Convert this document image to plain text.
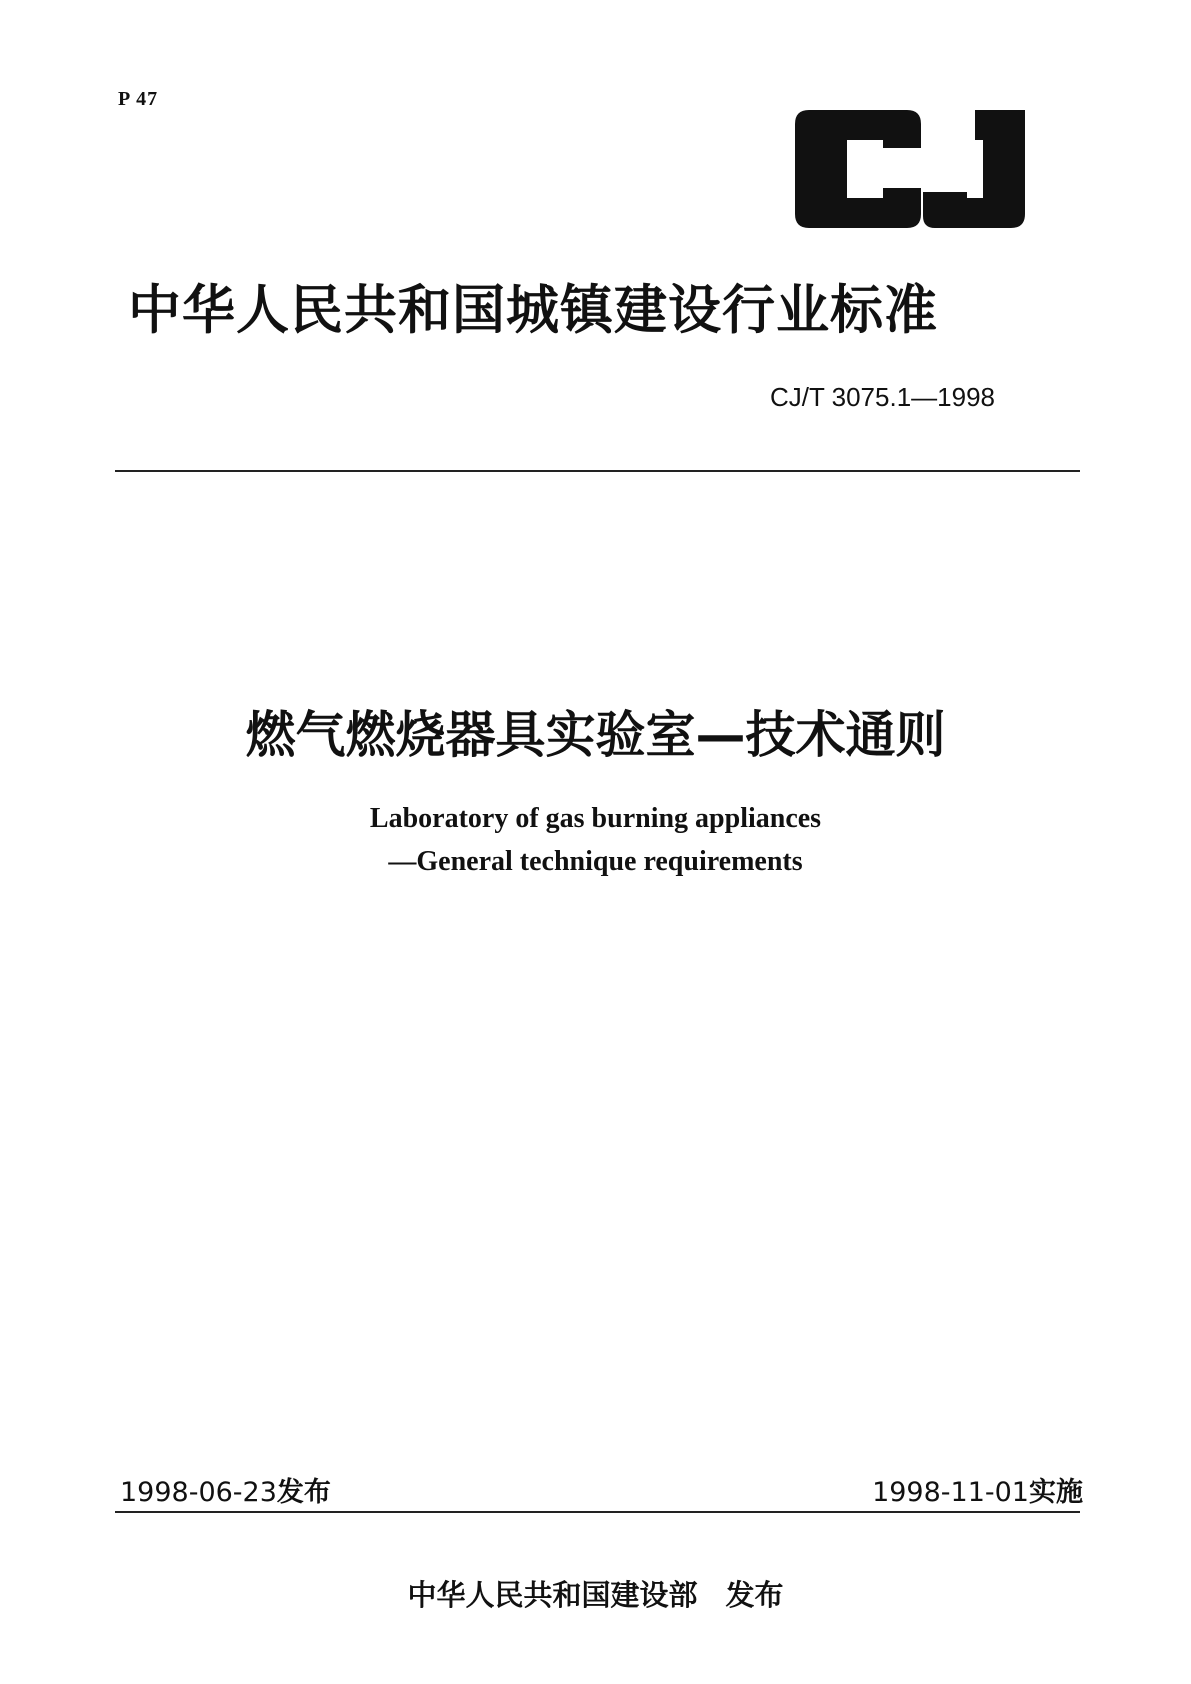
P 47
中华人民共和国城镇建设行业标准
CJ/T 3075.1—1998
燃气燃烧器具实验室—技术通则
Laboratory of gas burning appliances
—General technique requirements
1998-06-23发布	1998-11-01实施
中华人民共和国建设部 发布
